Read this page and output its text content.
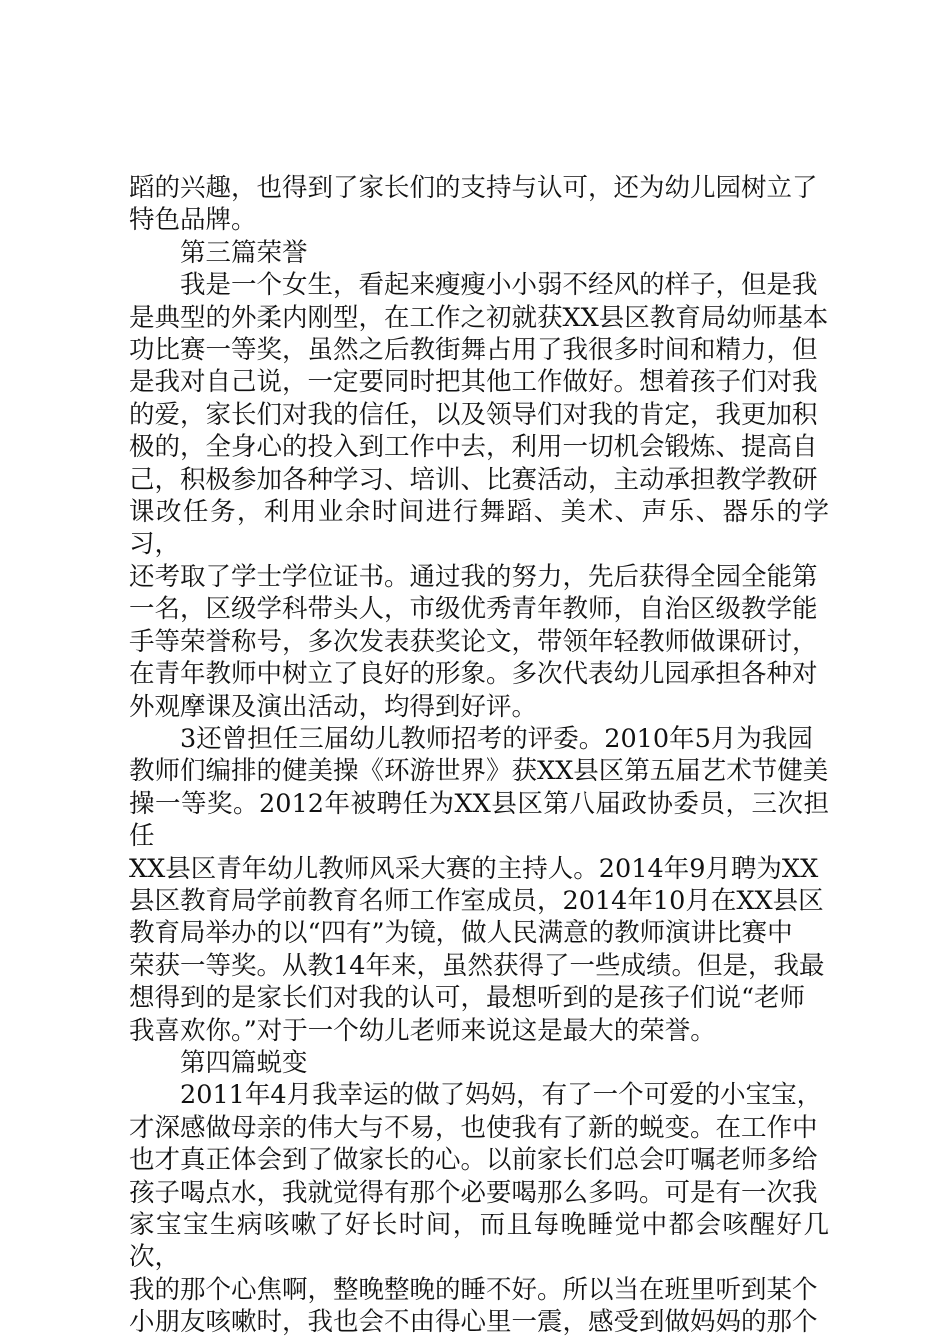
蹈的兴趣，也得到了家长们的支持与认可，还为幼儿园树立了
特色品牌。

第三篇荣誉

我是一个女生，看起来瘦瘦小小弱不经风的样子，但是我
是典型的外柔内刚型，在工作之初就获XX县区教育局幼师基本
功比赛一等奖，虽然之后教街舞占用了我很多时间和精力，但
是我对自己说，一定要同时把其他工作做好。想着孩子们对我
的爱，家长们对我的信任，以及领导们对我的肯定，我更加积
极的，全身心的投入到工作中去，利用一切机会锻炼、提高自
己，积极参加各种学习、培训、比赛活动，主动承担教学教研
课改任务，利用业余时间进行舞蹈、美术、声乐、器乐的学习，
还考取了学士学位证书。通过我的努力，先后获得全园全能第
一名，区级学科带头人，市级优秀青年教师，自治区级教学能
手等荣誉称号，多次发表获奖论文，带领年轻教师做课研讨，
在青年教师中树立了良好的形象。多次代表幼儿园承担各种对
外观摩课及演出活动，均得到好评。

3还曾担任三届幼儿教师招考的评委。2010年5月为我园
教师们编排的健美操《环游世界》获XX县区第五届艺术节健美
操一等奖。2012年被聘任为XX县区第八届政协委员，三次担任
XX县区青年幼儿教师风采大赛的主持人。2014年9月聘为XX
县区教育局学前教育名师工作室成员，2014年10月在XX县区
教育局举办的以“四有”为镜，做人民满意的教师演讲比赛中
荣获一等奖。从教14年来，虽然获得了一些成绩。但是，我最
想得到的是家长们对我的认可，最想听到的是孩子们说“老师
我喜欢你。”对于一个幼儿老师来说这是最大的荣誉。

第四篇蜕变

2011年4月我幸运的做了妈妈，有了一个可爱的小宝宝，
才深感做母亲的伟大与不易，也使我有了新的蜕变。在工作中
也才真正体会到了做家长的心。以前家长们总会叮嘱老师多给
孩子喝点水，我就觉得有那个必要喝那么多吗。可是有一次我
家宝宝生病咳嗽了好长时间，而且每晚睡觉中都会咳醒好几次，
我的那个心焦啊，整晚整晚的睡不好。所以当在班里听到某个
小朋友咳嗽时，我也会不由得心里一震，感受到做妈妈的那个
